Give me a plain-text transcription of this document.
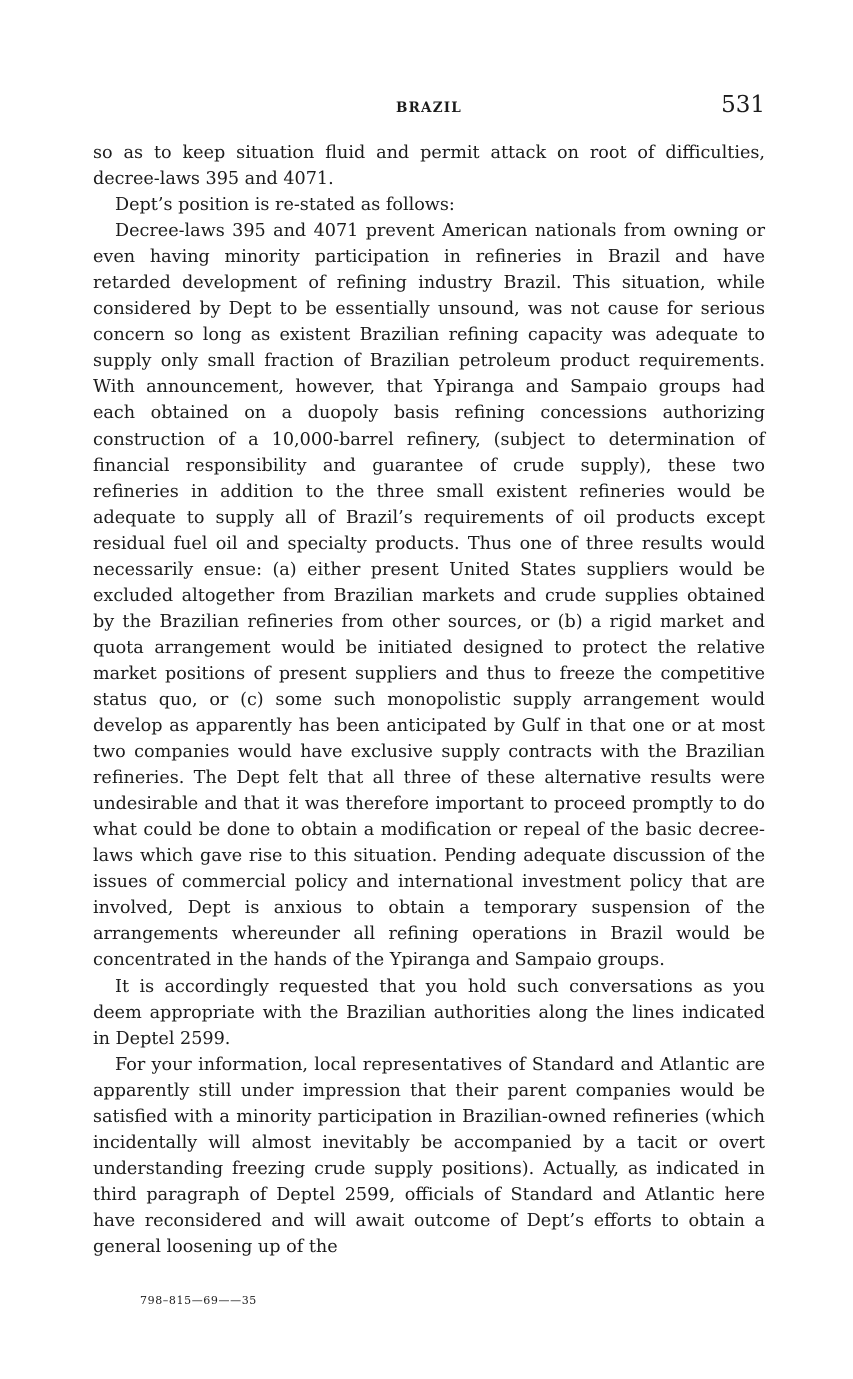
BRAZIL	531

so as to keep situation fluid and permit attack on root of difficulties, decree-laws 395 and 4071.

Dept’s position is re-stated as follows:

Decree-laws 395 and 4071 prevent American nationals from owning or even having minority participation in refineries in Brazil and have retarded development of refining industry Brazil. This situation, while considered by Dept to be essentially unsound, was not cause for serious concern so long as existent Brazilian refining capacity was adequate to supply only small fraction of Brazilian petroleum product requirements. With announcement, however, that Ypiranga and Sampaio groups had each obtained on a duopoly basis refining concessions authorizing construction of a 10,000-barrel refinery, (subject to determination of financial responsibility and guarantee of crude supply), these two refineries in addition to the three small existent refineries would be adequate to supply all of Brazil’s requirements of oil products except residual fuel oil and specialty products. Thus one of three results would necessarily ensue: (a) either present United States suppliers would be excluded altogether from Brazilian markets and crude supplies obtained by the Brazilian refineries from other sources, or (b) a rigid market and quota arrangement would be initiated designed to protect the relative market positions of present suppliers and thus to freeze the competitive status quo, or (c) some such monopolistic supply arrangement would develop as apparently has been anticipated by Gulf in that one or at most two companies would have exclusive supply contracts with the Brazilian refineries. The Dept felt that all three of these alternative results were undesirable and that it was therefore important to proceed promptly to do what could be done to obtain a modification or repeal of the basic decree-laws which gave rise to this situation. Pending adequate discussion of the issues of commercial policy and international investment policy that are involved, Dept is anxious to obtain a temporary suspension of the arrangements whereunder all refining operations in Brazil would be concentrated in the hands of the Ypiranga and Sampaio groups.

It is accordingly requested that you hold such conversations as you deem appropriate with the Brazilian authorities along the lines indicated in Deptel 2599.

For your information, local representatives of Standard and Atlantic are apparently still under impression that their parent companies would be satisfied with a minority participation in Brazilian-owned refineries (which incidentally will almost inevitably be accompanied by a tacit or overt understanding freezing crude supply positions). Actually, as indicated in third paragraph of Deptel 2599, officials of Standard and Atlantic here have reconsidered and will await outcome of Dept’s efforts to obtain a general loosening up of the

798–815—69——35
